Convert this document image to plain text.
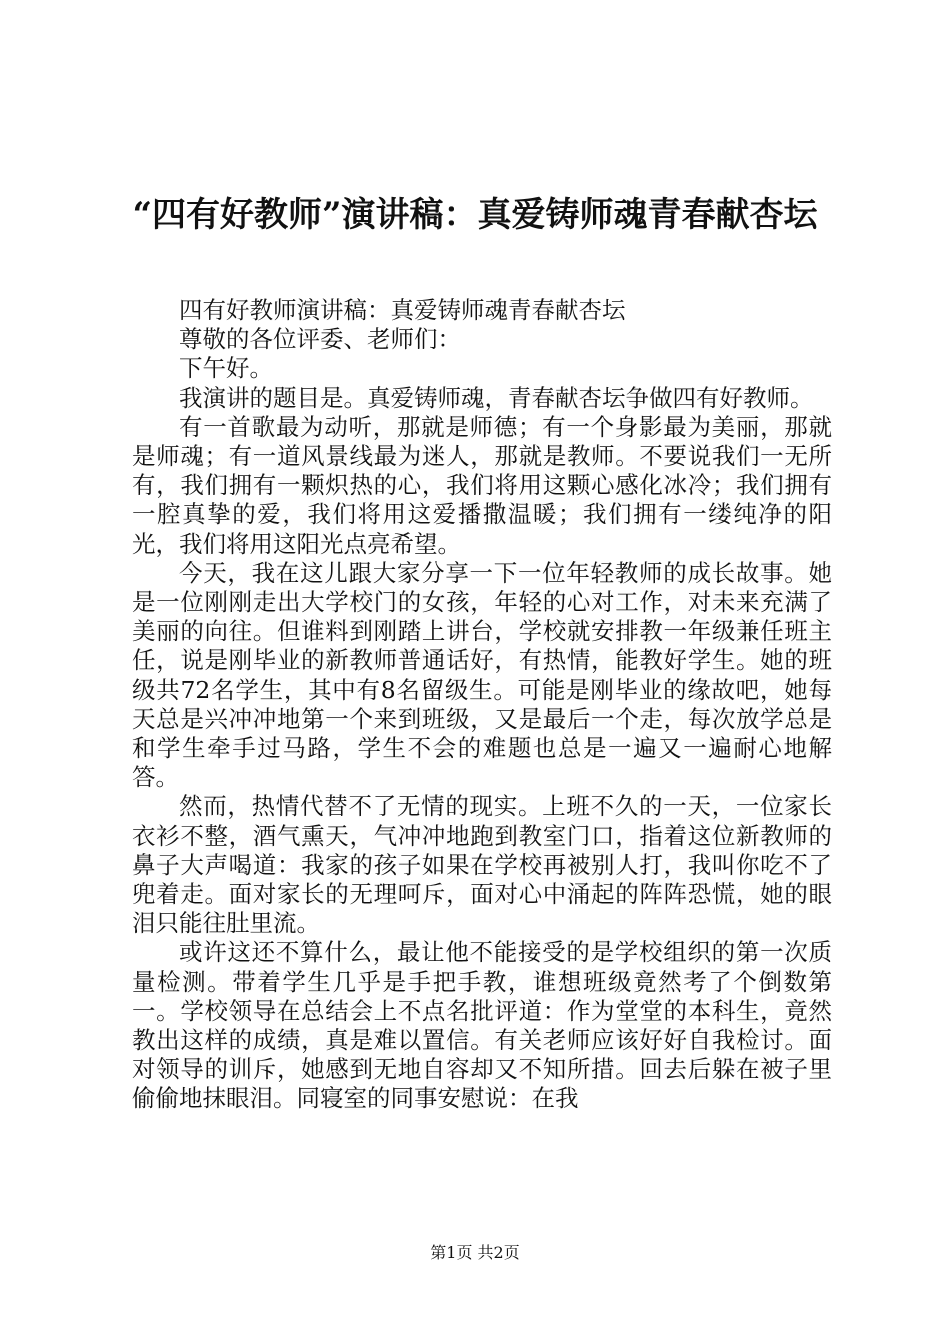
“四有好教师”演讲稿：真爱铸师魂青春献杏坛

四有好教师演讲稿：真爱铸师魂青春献杏坛

尊敬的各位评委、老师们：

下午好。

我演讲的题目是。真爱铸师魂，青春献杏坛争做四有好教师。

有一首歌最为动听，那就是师德；有一个身影最为美丽，那就是师魂；有一道风景线最为迷人，那就是教师。不要说我们一无所有，我们拥有一颗炽热的心，我们将用这颗心感化冰冷；我们拥有一腔真挚的爱，我们将用这爱播撒温暖；我们拥有一缕纯净的阳光，我们将用这阳光点亮希望。

今天，我在这儿跟大家分享一下一位年轻教师的成长故事。她是一位刚刚走出大学校门的女孩，年轻的心对工作，对未来充满了美丽的向往。但谁料到刚踏上讲台，学校就安排教一年级兼任班主任，说是刚毕业的新教师普通话好，有热情，能教好学生。她的班级共72名学生，其中有8名留级生。可能是刚毕业的缘故吧，她每天总是兴冲冲地第一个来到班级，又是最后一个走，每次放学总是和学生牵手过马路，学生不会的难题也总是一遍又一遍耐心地解答。

然而，热情代替不了无情的现实。上班不久的一天，一位家长衣衫不整，酒气熏天，气冲冲地跑到教室门口，指着这位新教师的鼻子大声喝道：我家的孩子如果在学校再被别人打，我叫你吃不了兜着走。面对家长的无理呵斥，面对心中涌起的阵阵恐慌，她的眼泪只能往肚里流。

或许这还不算什么，最让他不能接受的是学校组织的第一次质量检测。带着学生几乎是手把手教，谁想班级竟然考了个倒数第一。学校领导在总结会上不点名批评道：作为堂堂的本科生，竟然教出这样的成绩，真是难以置信。有关老师应该好好自我检讨。面对领导的训斥，她感到无地自容却又不知所措。回去后躲在被子里偷偷地抹眼泪。同寝室的同事安慰说：在我

第1页 共2页
